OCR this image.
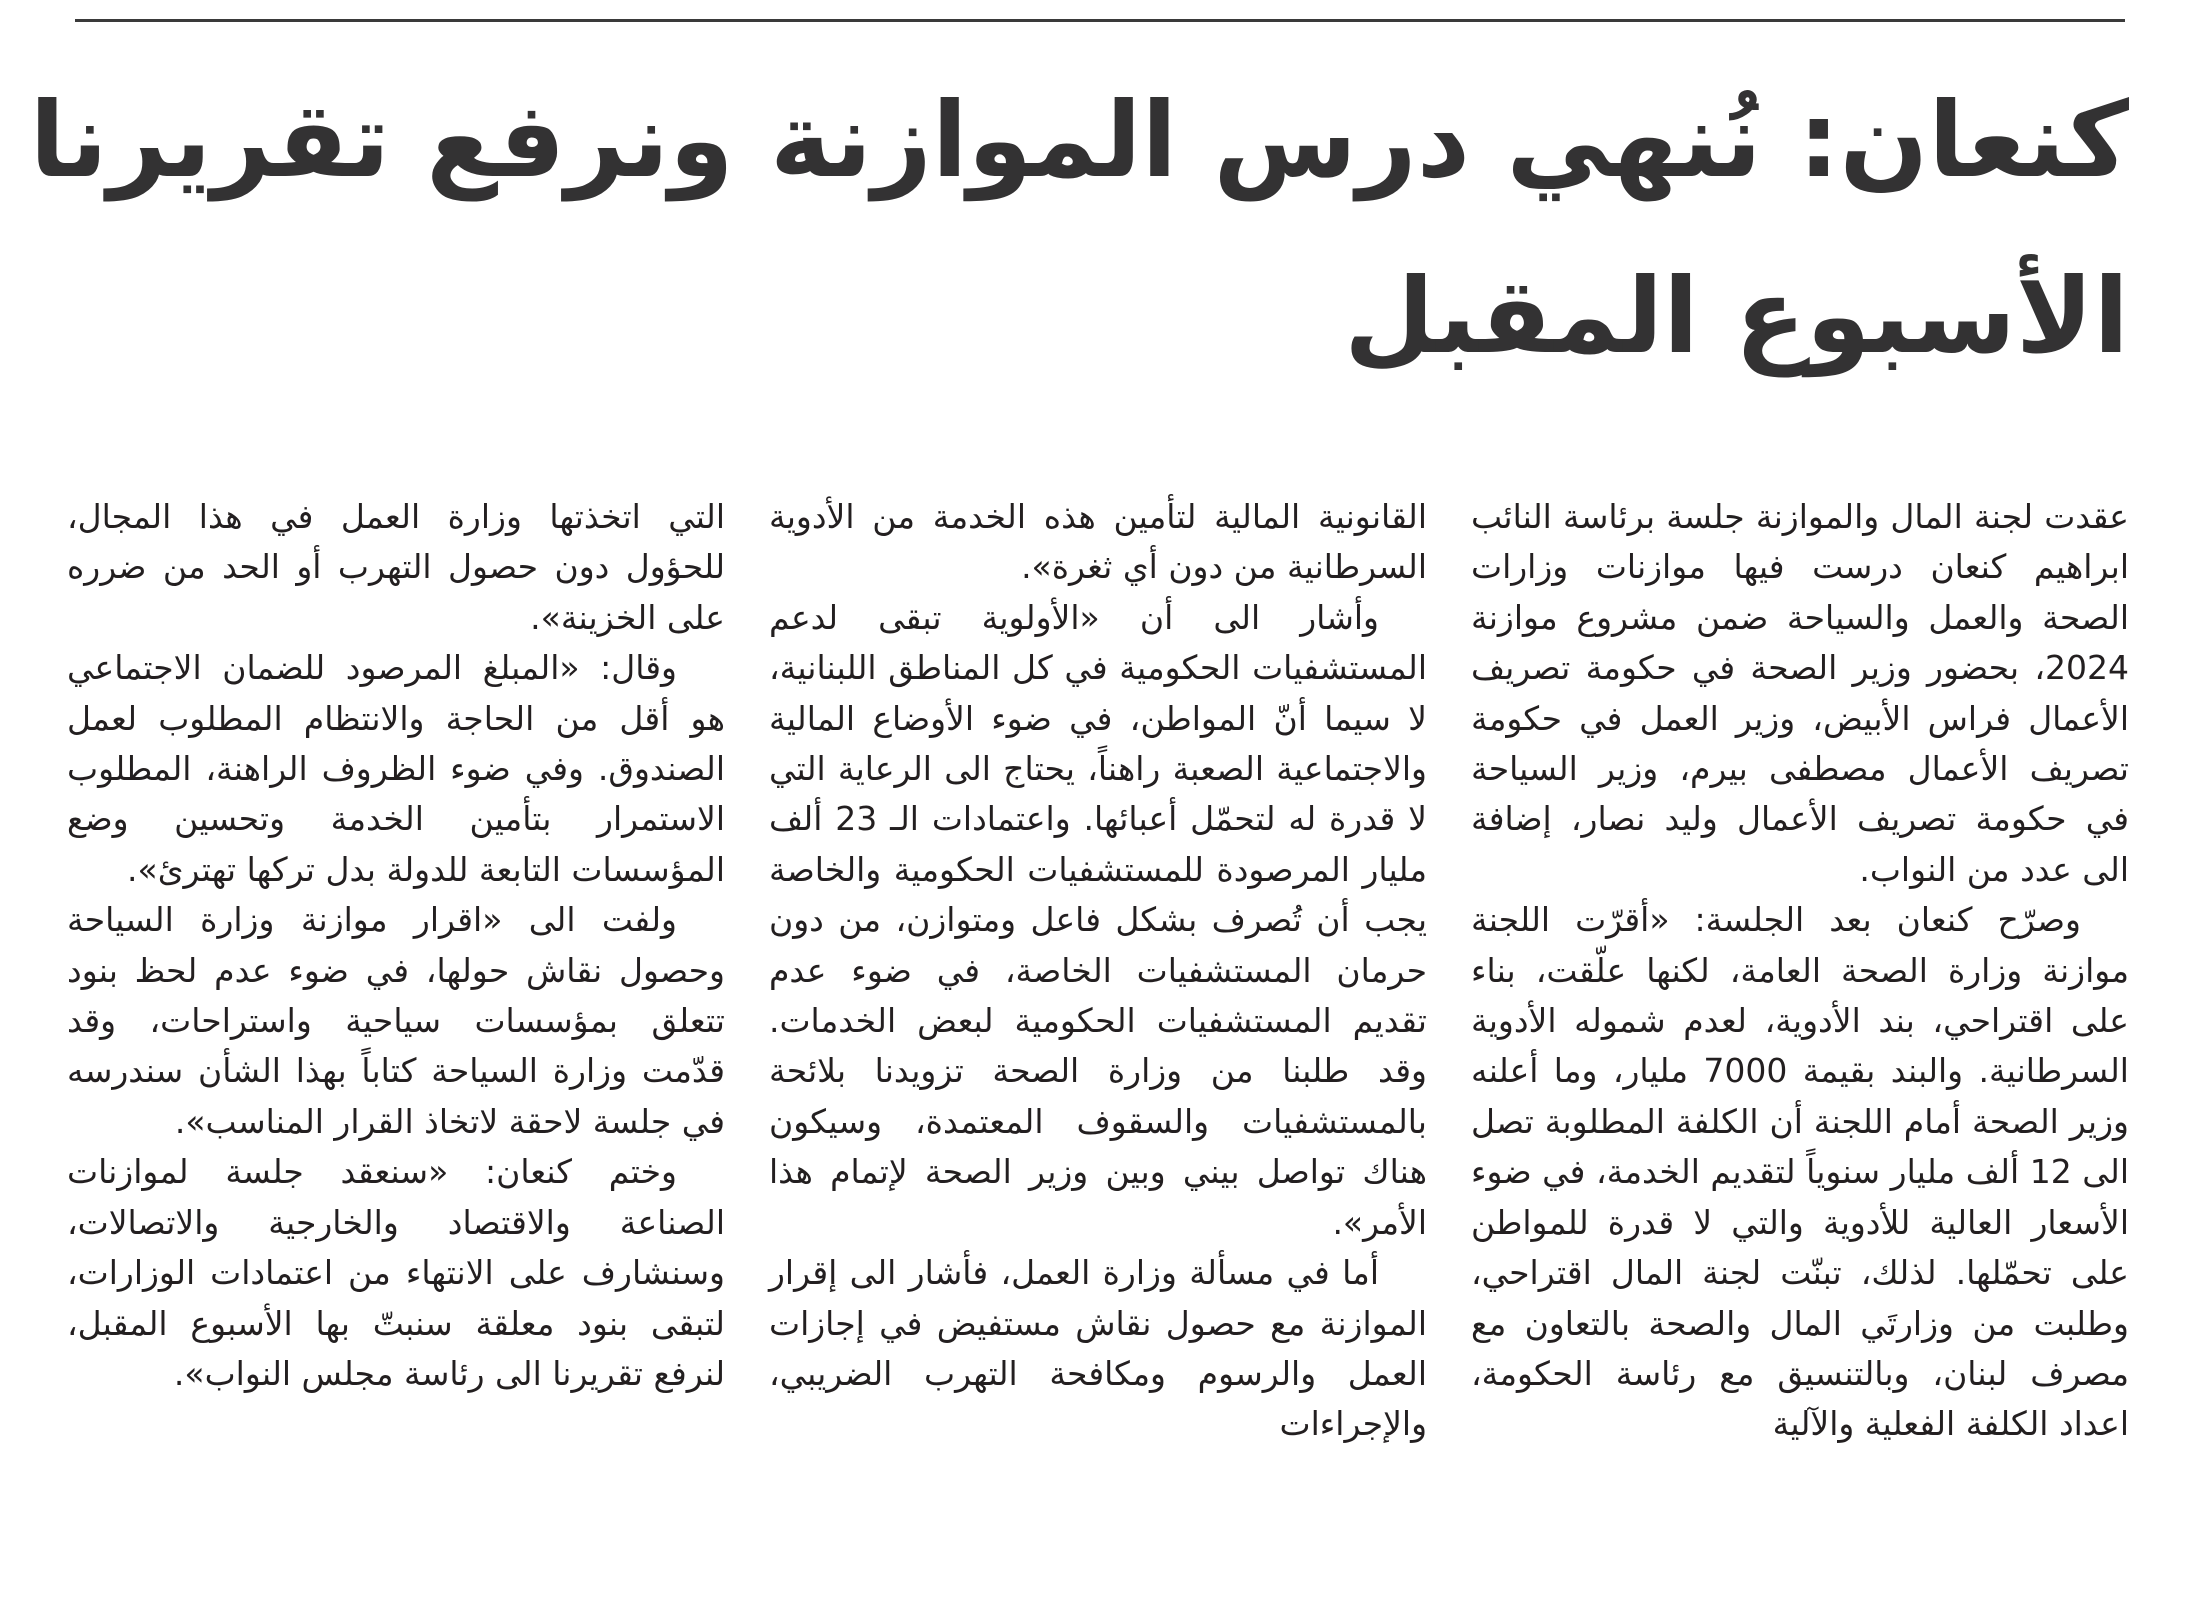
كنعان: نُنهي درس الموازنة ونرفع تقريرنا
الأسبوع المقبل

عقدت لجنة المال والموازنة جلسة برئاسة النائب ابراهيم كنعان درست فيها موازنات وزارات الصحة والعمل والسياحة ضمن مشروع موازنة 2024، بحضور وزير الصحة في حكومة تصريف الأعمال فراس الأبيض، وزير العمل في حكومة تصريف الأعمال مصطفى بيرم، وزير السياحة في حكومة تصريف الأعمال وليد نصار، إضافة الى عدد من النواب.

وصرّح كنعان بعد الجلسة: «أقرّت اللجنة موازنة وزارة الصحة العامة، لكنها علّقت، بناء على اقتراحي، بند الأدوية، لعدم شموله الأدوية السرطانية. والبند بقيمة 7000 مليار، وما أعلنه وزير الصحة أمام اللجنة أن الكلفة المطلوبة تصل الى 12 ألف مليار سنوياً لتقديم الخدمة، في ضوء الأسعار العالية للأدوية والتي لا قدرة للمواطن على تحمّلها. لذلك، تبنّت لجنة المال اقتراحي، وطلبت من وزارتَي المال والصحة بالتعاون مع مصرف لبنان، وبالتنسيق مع رئاسة الحكومة، اعداد الكلفة الفعلية والآلية

القانونية المالية لتأمين هذه الخدمة من الأدوية السرطانية من دون أي ثغرة».

وأشار الى أن «الأولوية تبقى لدعم المستشفيات الحكومية في كل المناطق اللبنانية، لا سيما أنّ المواطن، في ضوء الأوضاع المالية والاجتماعية الصعبة راهناً، يحتاج الى الرعاية التي لا قدرة له لتحمّل أعبائها. واعتمادات الـ 23 ألف مليار المرصودة للمستشفيات الحكومية والخاصة يجب أن تُصرف بشكل فاعل ومتوازن، من دون حرمان المستشفيات الخاصة، في ضوء عدم تقديم المستشفيات الحكومية لبعض الخدمات. وقد طلبنا من وزارة الصحة تزويدنا بلائحة بالمستشفيات والسقوف المعتمدة، وسيكون هناك تواصل بيني وبين وزير الصحة لإتمام هذا الأمر».

أما في مسألة وزارة العمل، فأشار الى إقرار الموازنة مع حصول نقاش مستفيض في إجازات العمل والرسوم ومكافحة التهرب الضريبي، والإجراءات

التي اتخذتها وزارة العمل في هذا المجال، للحؤول دون حصول التهرب أو الحد من ضرره على الخزينة».

وقال: «المبلغ المرصود للضمان الاجتماعي هو أقل من الحاجة والانتظام المطلوب لعمل الصندوق. وفي ضوء الظروف الراهنة، المطلوب الاستمرار بتأمين الخدمة وتحسين وضع المؤسسات التابعة للدولة بدل تركها تهترئ».

ولفت الى «اقرار موازنة وزارة السياحة وحصول نقاش حولها، في ضوء عدم لحظ بنود تتعلق بمؤسسات سياحية واستراحات، وقد قدّمت وزارة السياحة كتاباً بهذا الشأن سندرسه في جلسة لاحقة لاتخاذ القرار المناسب».

وختم كنعان: «سنعقد جلسة لموازنات الصناعة والاقتصاد والخارجية والاتصالات، وسنشارف على الانتهاء من اعتمادات الوزارات، لتبقى بنود معلقة سنبتّ بها الأسبوع المقبل، لنرفع تقريرنا الى رئاسة مجلس النواب».
